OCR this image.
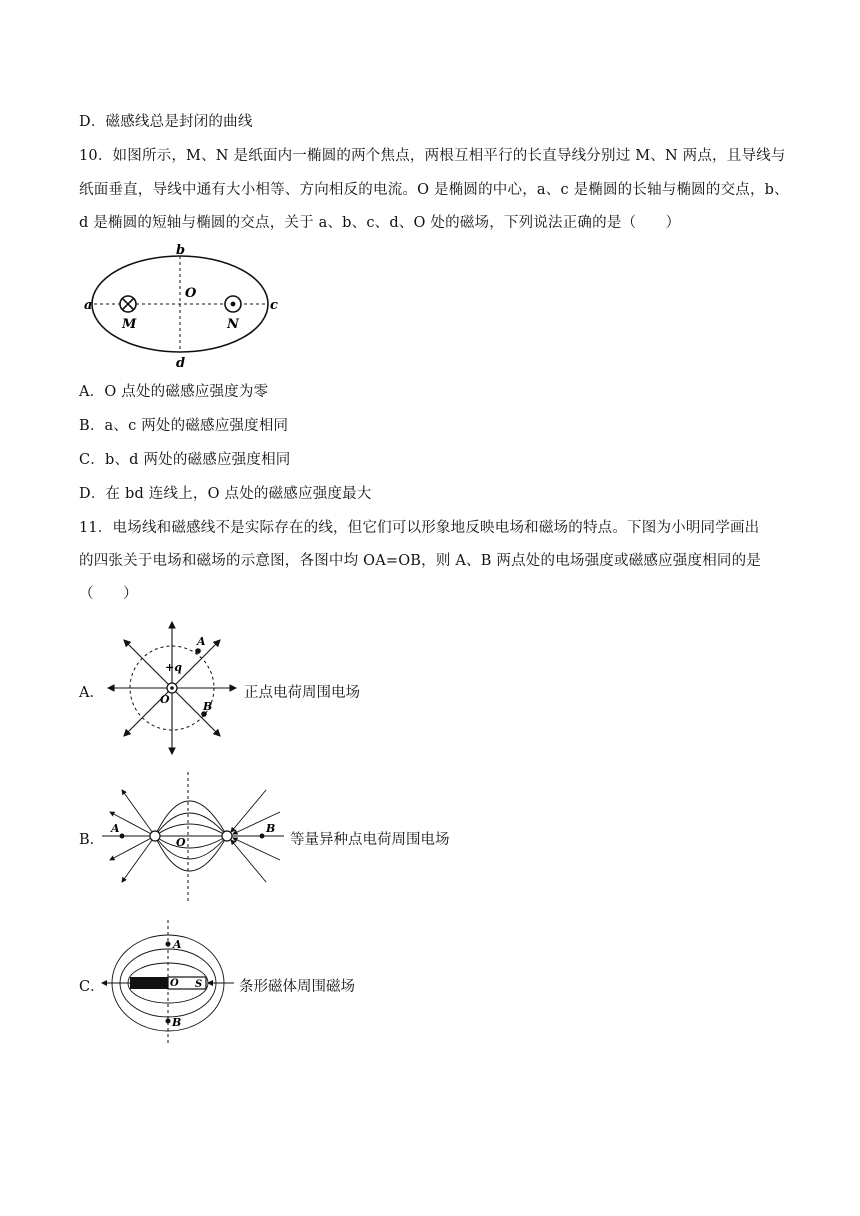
D．磁感线总是封闭的曲线
10．如图所示，M、N 是纸面内一椭圆的两个焦点，两根互相平行的长直导线分别过 M、N 两点，且导线与
纸面垂直，导线中通有大小相等、方向相反的电流。O 是椭圆的中心，a、c 是椭圆的长轴与椭圆的交点，b、
d 是椭圆的短轴与椭圆的交点，关于 a、b、c、d、O 处的磁场，下列说法正确的是（　　）
a	c
b
d
O
M	N
A．O 点处的磁感应强度为零
B．a、c 两处的磁感应强度相同
C．b、d 两处的磁感应强度相同
D．在 bd 连线上，O 点处的磁感应强度最大
11．电场线和磁感线不是实际存在的线，但它们可以形象地反映电场和磁场的特点。下图为小明同学画出
的四张关于电场和磁场的示意图，各图中均 OA=OB，则 A、B 两点处的电场强度或磁感应强度相同的是
（　　）
A．
A
B
O
+q
正点电荷周围电场
B．
A	B
O	等量异种点电荷周围电场
C．
A
B
O S	条形磁体周围磁场
